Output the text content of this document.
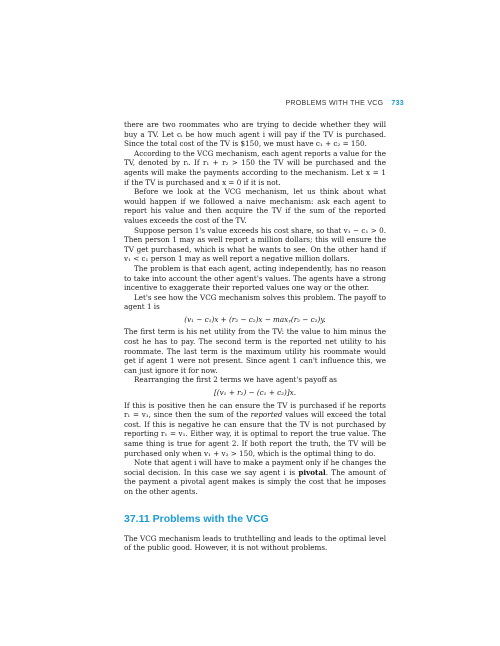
PROBLEMS WITH THE VCG 733

there are two roommates who are trying to decide whether they will buy a TV. Let cᵢ be how much agent i will pay if the TV is purchased. Since the total cost of the TV is $150, we must have c₁ + c₂ = 150.

According to the VCG mechanism, each agent reports a value for the TV, denoted by rᵢ. If r₁ + r₂ > 150 the TV will be purchased and the agents will make the payments according to the mechanism. Let x = 1 if the TV is purchased and x = 0 if it is not.

Before we look at the VCG mechanism, let us think about what would happen if we followed a naive mechanism: ask each agent to report his value and then acquire the TV if the sum of the reported values exceeds the cost of the TV.

Suppose person 1's value exceeds his cost share, so that v₁ − c₁ > 0. Then person 1 may as well report a million dollars; this will ensure the TV get purchased, which is what he wants to see. On the other hand if v₁ < c₁ person 1 may as well report a negative million dollars.

The problem is that each agent, acting independently, has no reason to take into account the other agent's values. The agents have a strong incentive to exaggerate their reported values one way or the other.

Let's see how the VCG mechanism solves this problem. The payoff to agent 1 is

(v₁ − c₁)x + (r₂ − c₂)x − maxᵧ(r₂ − c₂)y.

The first term is his net utility from the TV: the value to him minus the cost he has to pay. The second term is the reported net utility to his roommate. The last term is the maximum utility his roommate would get if agent 1 were not present. Since agent 1 can't influence this, we can just ignore it for now.

Rearranging the first 2 terms we have agent's payoff as

[(v₁ + r₂) − (c₁ + c₂)]x.

If this is positive then he can ensure the TV is purchased if he reports r₁ = v₁, since then the sum of the reported values will exceed the total cost. If this is negative he can ensure that the TV is not purchased by reporting r₁ = v₁. Either way, it is optimal to report the true value. The same thing is true for agent 2. If both report the truth, the TV will be purchased only when v₁ + v₂ > 150, which is the optimal thing to do.

Note that agent i will have to make a payment only if he changes the social decision. In this case we say agent i is pivotal. The amount of the payment a pivotal agent makes is simply the cost that he imposes on the other agents.

37.11 Problems with the VCG

The VCG mechanism leads to truthtelling and leads to the optimal level of the public good. However, it is not without problems.
